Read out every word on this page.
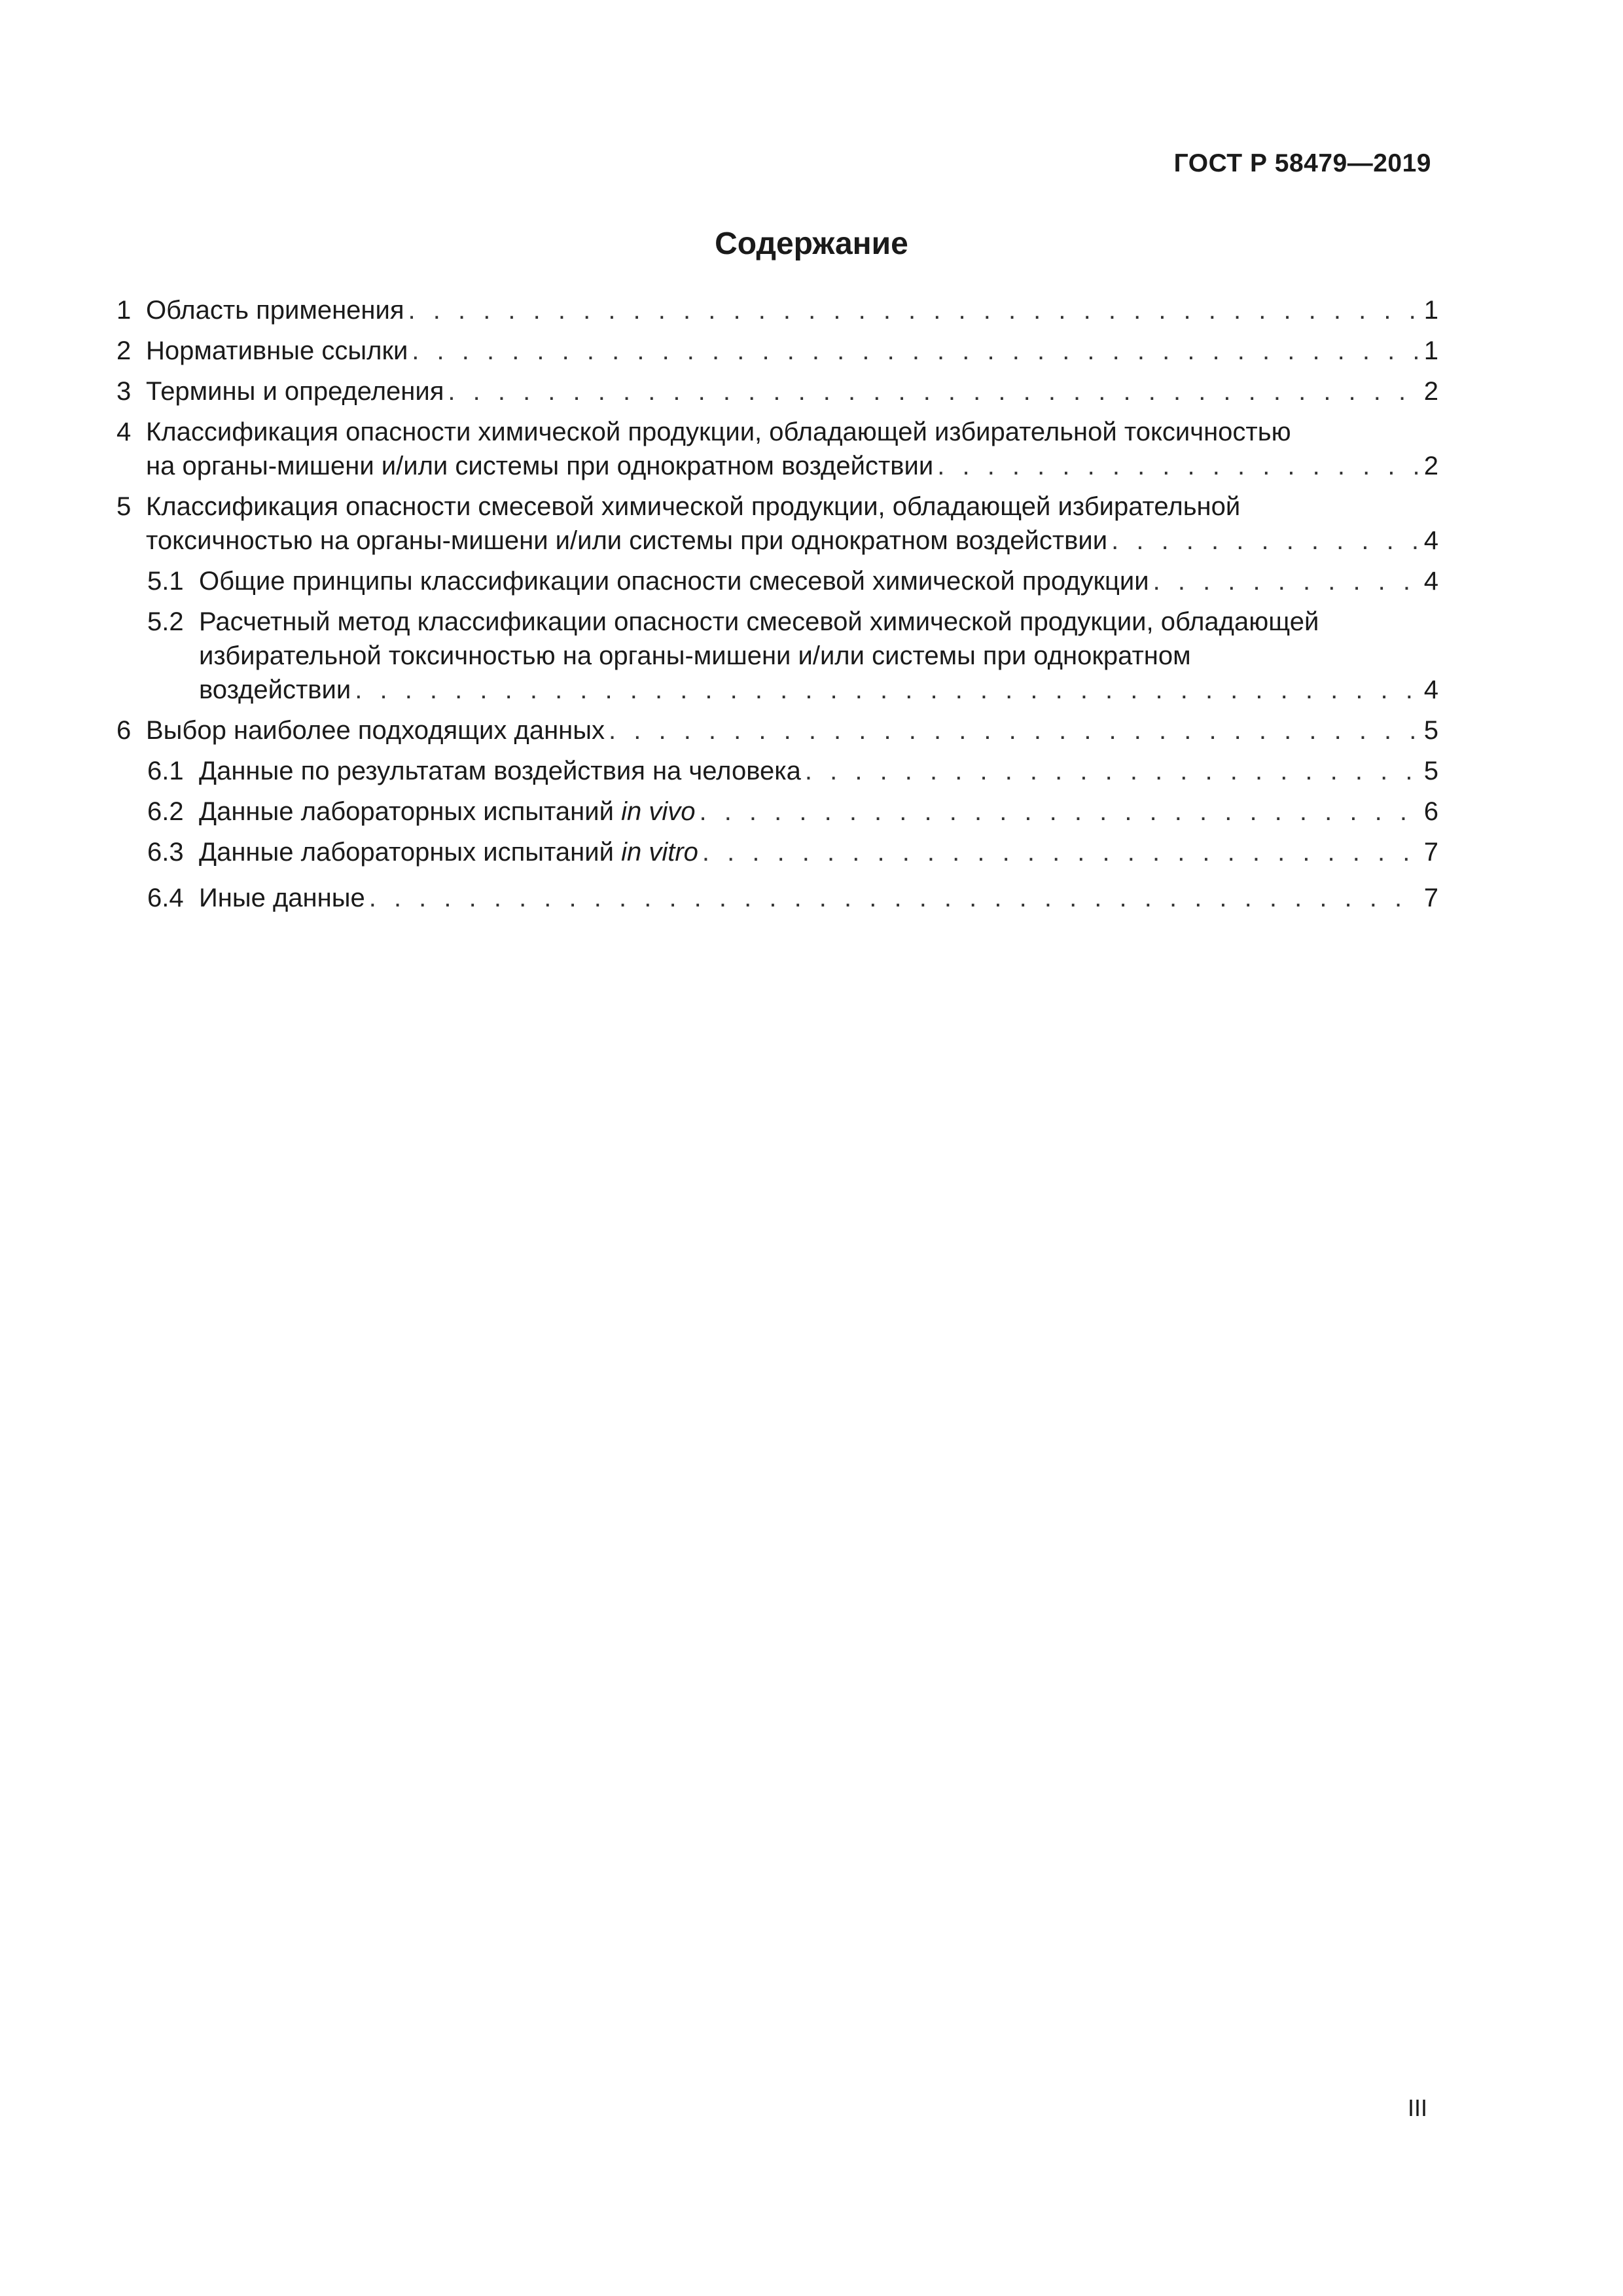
ГОСТ Р 58479—2019
Содержание
1 Область применения . . .	1
2 Нормативные ссылки . . .	1
3 Термины и определения . . .	2
4 Классификация опасности химической продукции, обладающей избирательной токсичностью
на органы-мишени и/или системы при однократном воздействии . . .	2
5 Классификация опасности смесевой химической продукции, обладающей избирательной
токсичностью на органы-мишени и/или системы при однократном воздействии . . .	4
5.1 Общие принципы классификации опасности смесевой химической продукции . . .	4
5.2 Расчетный метод классификации опасности смесевой химической продукции, обладающей
избирательной токсичностью на органы-мишени и/или системы при однократном
воздействии . . .	4
6 Выбор наиболее подходящих данных . . .	5
6.1 Данные по результатам воздействия на человека . . .	5
6.2 Данные лабораторных испытаний in vivo . . .	6
6.3 Данные лабораторных испытаний in vitro . . .	7
6.4 Иные данные . . .	7
III
